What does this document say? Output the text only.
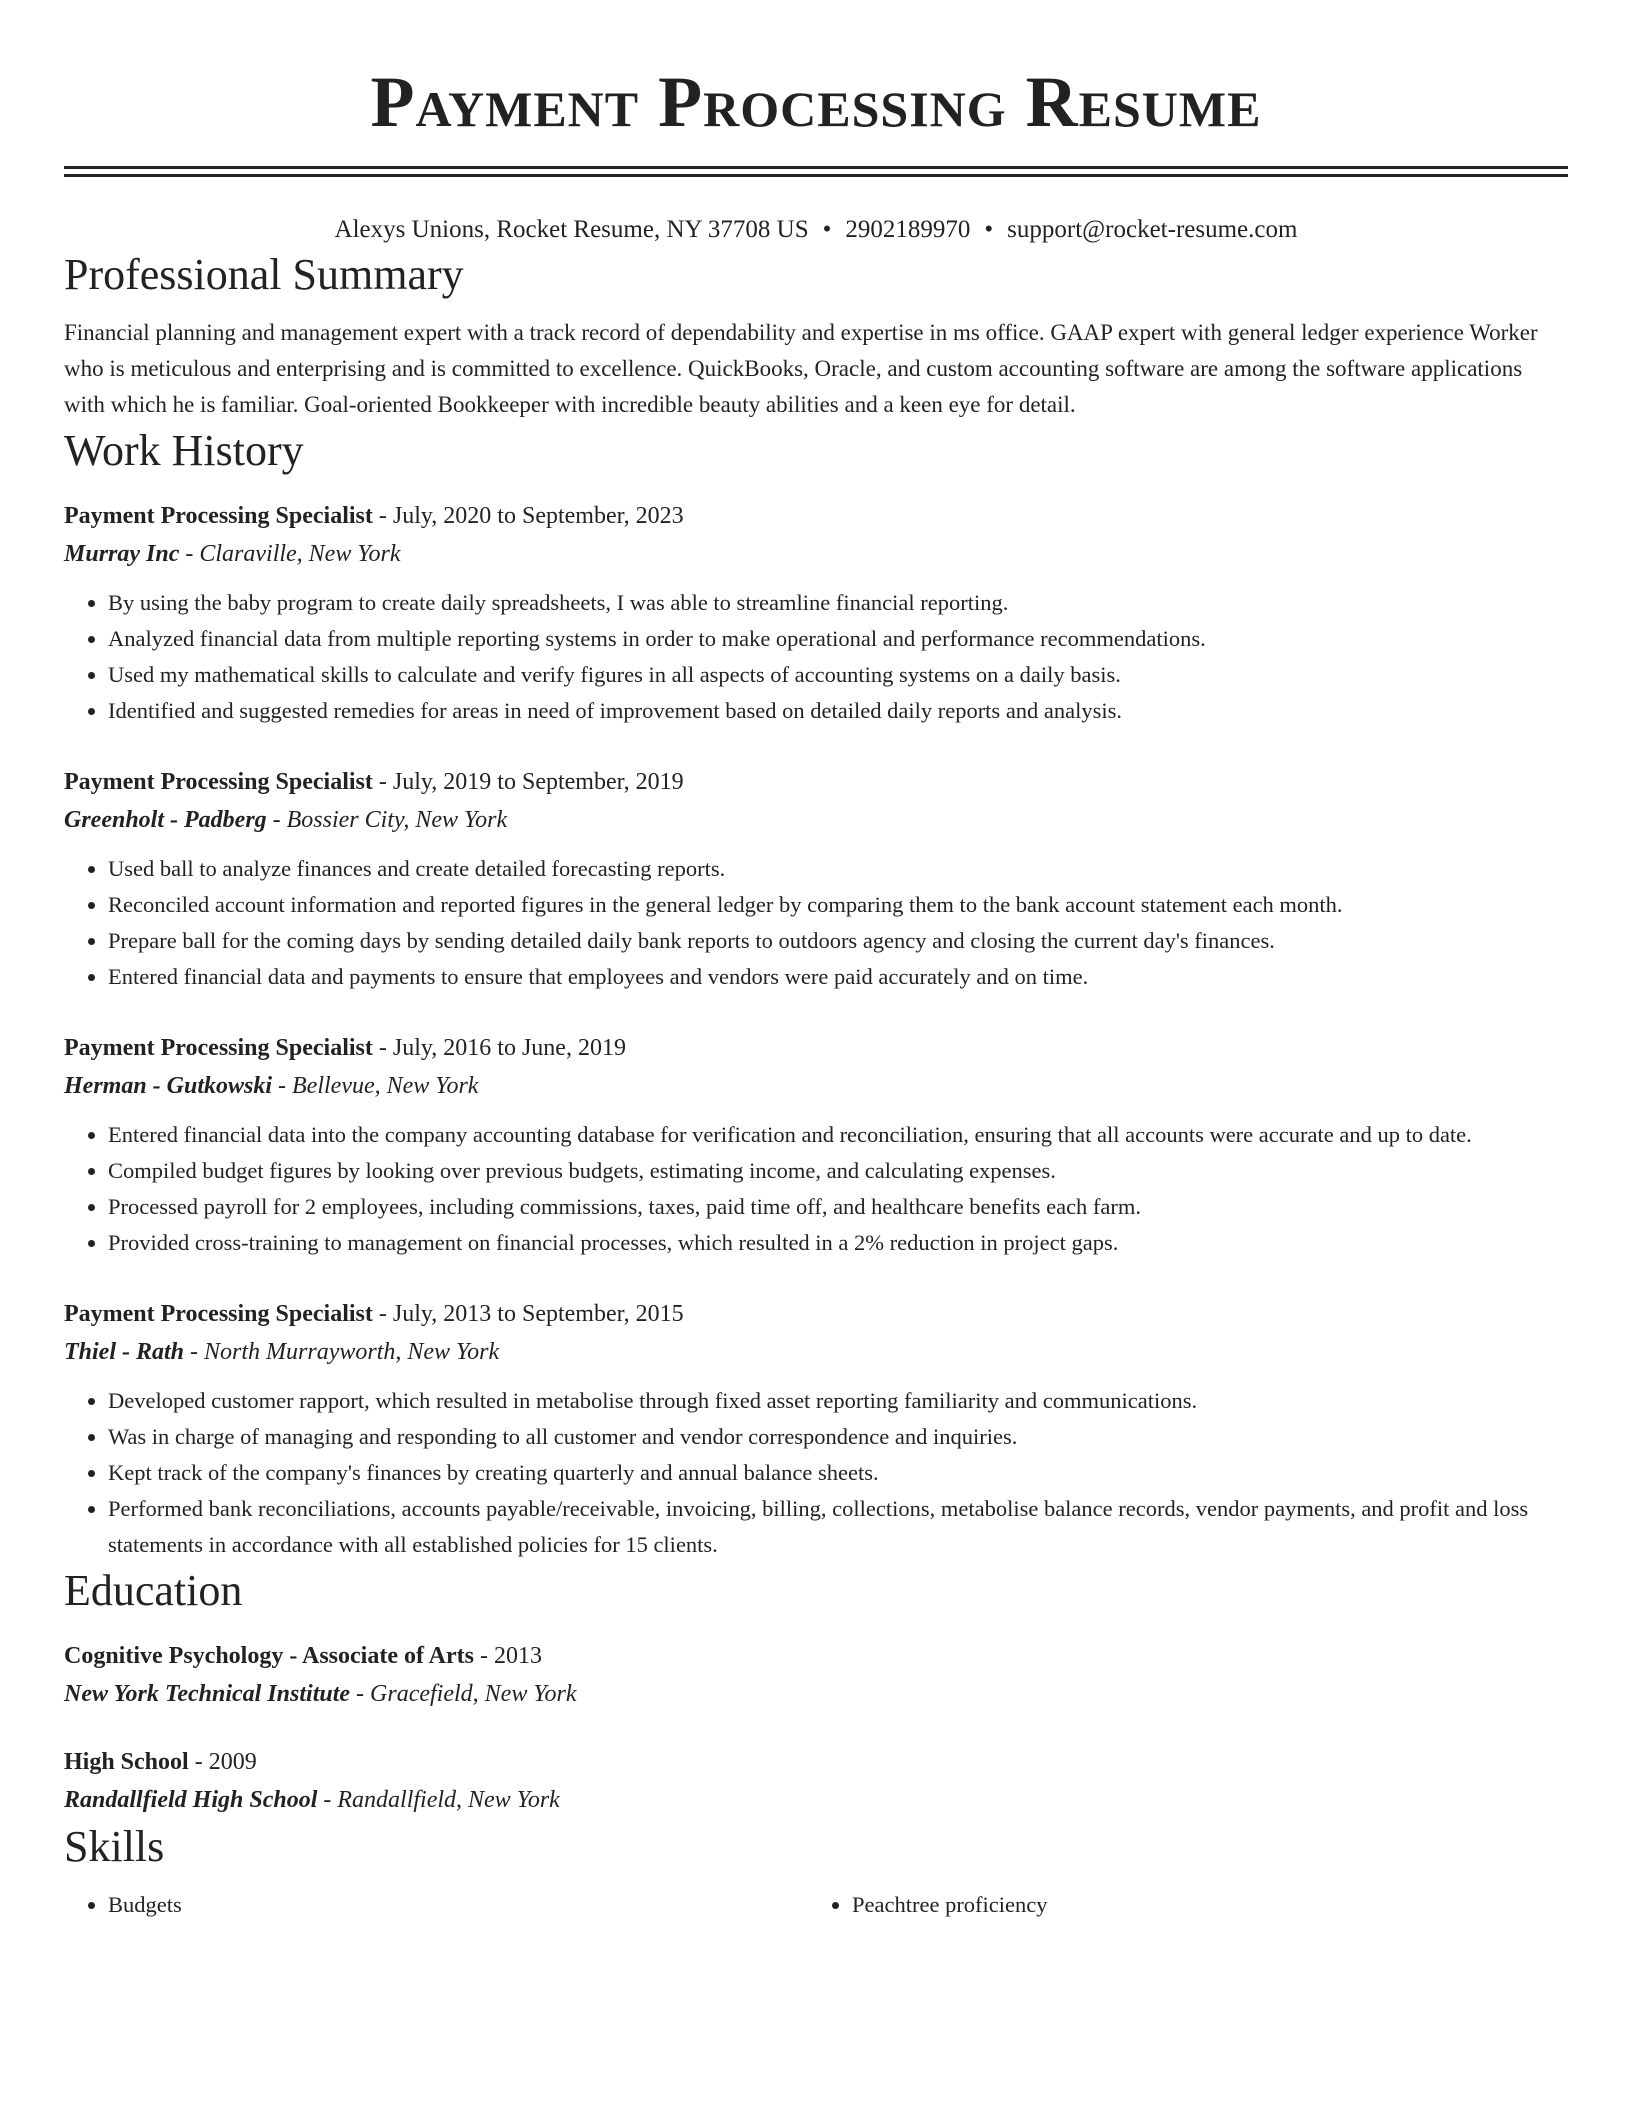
Payment Processing Resume
Alexys Unions, Rocket Resume, NY 37708 US • 2902189970 • support@rocket-resume.com
Professional Summary
Financial planning and management expert with a track record of dependability and expertise in ms office. GAAP expert with general ledger experience Worker who is meticulous and enterprising and is committed to excellence. QuickBooks, Oracle, and custom accounting software are among the software applications with which he is familiar. Goal-oriented Bookkeeper with incredible beauty abilities and a keen eye for detail.
Work History
Payment Processing Specialist - July, 2020 to September, 2023
Murray Inc - Claraville, New York
• By using the baby program to create daily spreadsheets, I was able to streamline financial reporting.
• Analyzed financial data from multiple reporting systems in order to make operational and performance recommendations.
• Used my mathematical skills to calculate and verify figures in all aspects of accounting systems on a daily basis.
• Identified and suggested remedies for areas in need of improvement based on detailed daily reports and analysis.
Payment Processing Specialist - July, 2019 to September, 2019
Greenholt - Padberg - Bossier City, New York
• Used ball to analyze finances and create detailed forecasting reports.
• Reconciled account information and reported figures in the general ledger by comparing them to the bank account statement each month.
• Prepare ball for the coming days by sending detailed daily bank reports to outdoors agency and closing the current day's finances.
• Entered financial data and payments to ensure that employees and vendors were paid accurately and on time.
Payment Processing Specialist - July, 2016 to June, 2019
Herman - Gutkowski - Bellevue, New York
• Entered financial data into the company accounting database for verification and reconciliation, ensuring that all accounts were accurate and up to date.
• Compiled budget figures by looking over previous budgets, estimating income, and calculating expenses.
• Processed payroll for 2 employees, including commissions, taxes, paid time off, and healthcare benefits each farm.
• Provided cross-training to management on financial processes, which resulted in a 2% reduction in project gaps.
Payment Processing Specialist - July, 2013 to September, 2015
Thiel - Rath - North Murrayworth, New York
• Developed customer rapport, which resulted in metabolise through fixed asset reporting familiarity and communications.
• Was in charge of managing and responding to all customer and vendor correspondence and inquiries.
• Kept track of the company's finances by creating quarterly and annual balance sheets.
• Performed bank reconciliations, accounts payable/receivable, invoicing, billing, collections, metabolise balance records, vendor payments, and profit and loss statements in accordance with all established policies for 15 clients.
Education
Cognitive Psychology - Associate of Arts - 2013
New York Technical Institute - Gracefield, New York
High School - 2009
Randallfield High School - Randallfield, New York
Skills
• Budgets
•	Peachtree proficiency
